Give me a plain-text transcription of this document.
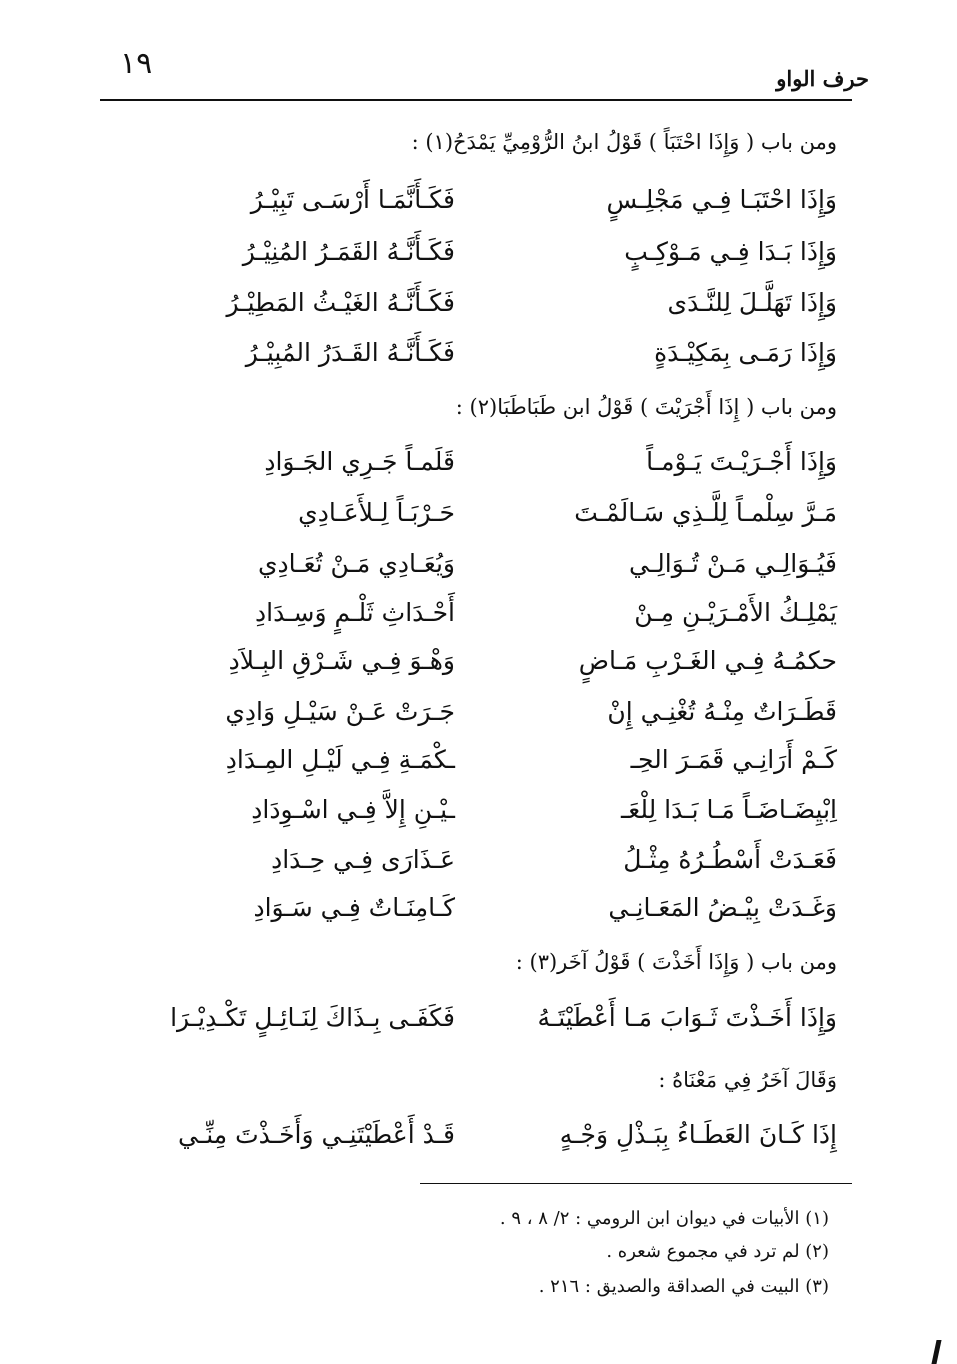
١٩	حرف الواو
ومن باب ( وَإِذَا احْتَبَاً ) قَوْلُ ابنُ الرُّوْمِيِّ يَمْدَحُ(١) :
وَإِذَا احْتَبَـا فِـي مَجْلِـسٍ
فَكَـأَنَّمَـا أَرْسَـى تَبِيْـرُ
وَإِذَا بَـدَا فِـي مَـوْكِـبٍ
فَكَـأَنَّـهُ القَمَـرُ المُنِيْـرُ
وَإِذَا تَهَلَّـلَ لِلنَّـدَى
فَكَـأَنَّـهُ الغَيْـثُ المَطِيْـرُ
وَإِذَا رَمَـى بِمَكِيْـدَةٍ
فَكَـأَنَّـهُ القَـدَرُ المُبِيْـرُ
ومن باب ( إِذَا أَجْرَيْتَ ) قَوْلُ ابن طَبَاطَبَا(٢) :
وَإِذَا أَجْـرَيْـتَ يَـوْمـاً
قَلَمـاً جَـرِي الجَـوَادِ
مَـرَّ سِلْمـاً لِلَّـذِي سَـالَمْـتَ
حَـرْبَـاً لِـلأَعَـادِي
فَيُـوَالِـي مَـنْ تُـوَالِـي
وَيُعَـادِي مَـنْ تُعَـادِي
يَمْلِـكُ الأَمْـرَيْـنِ مِـنْ
أَحْـدَاثِ ثَلْـمٍ وَسِـدَادِ
حكمُـهُ فِـي الغَـرْبِ مَـاضٍ
وَهْـوَ فِـي شَـرْقِ البِـلاَدِ
قَطَـرَاتٌ مِنْـهُ تُغْنِـي إِنْ
جَـرَتْ عَـنْ سَيْـلِ وَادِي
كَـمْ أَرَانِـي قَمَـرَ الحِـ
ـكْمَـةِ فِـي لَيْـلِ المِـدَادِ
اِبْيِضَـاضَـاً مَـا بَـدَا لِلْعَـ
ـيْـنِ إِلاَّ فِـي اسْـوِدَادِ
فَعَـدَتْ أَسْطُـرُهُ مِثْـلُ
عَـذَارَى فِـي حِـدَادِ
وَغَـدَتْ بِيْـضُ المَعَـانِـي
كَـامِنَـاتٌ فِـي سَـوَادِ
ومن باب ( وَإِذَا أَخَذْتَ ) قَوْلُ آخَر(٣) :
وَإِذَا أَخَـذْتَ ثَـوَابَ مَـا أَعْطَيْتَـهُ
فَكَفَـى بِـذَاكَ لِنَـائِـلٍ تَكْـدِيْـرَا
وَقَالَ آخَرُ فِي مَعْنَاهُ :
إِذَا كَـانَ العَطَـاءُ بِبَـذْلِ وَجْـهٍ
قَـدْ أَعْطَيْتَنِـي وَأَخَـذْتَ مِنِّـي
(١) الأبيات في ديوان ابن الرومي : ٢/ ٨ ، ٩ .
(٢) لم ترد في مجموع شعره .
(٣) البيت في الصداقة والصديق : ٢١٦ .
